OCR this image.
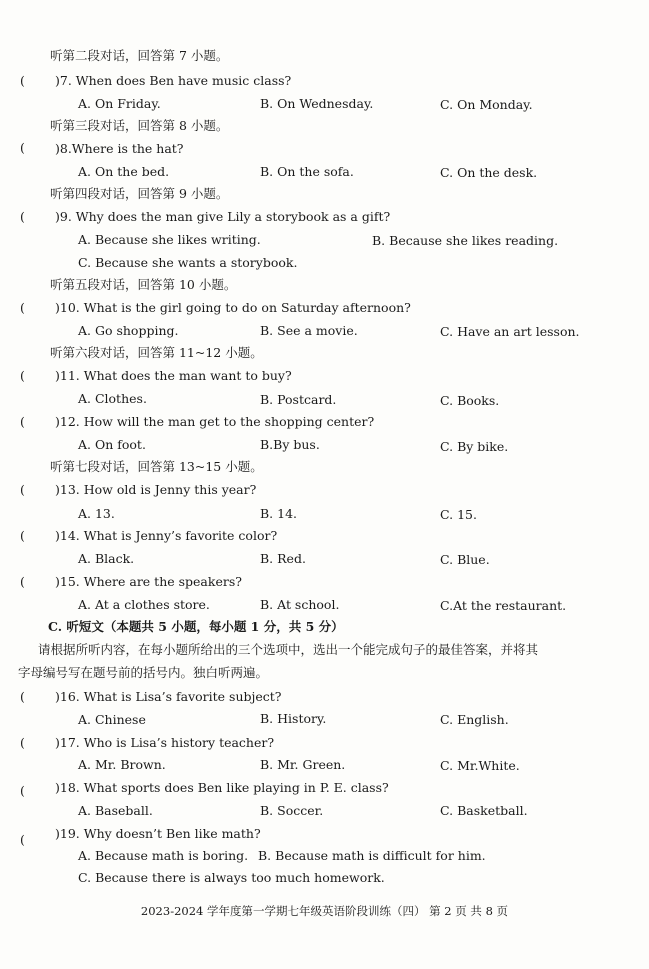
听第二段对话，回答第 7 小题。
( )7. When does Ben have music class?
A. On Friday.	B. On Wednesday.	C. On Monday.
听第三段对话，回答第 8 小题。
( )8.Where is the hat?
A. On the bed.	B. On the sofa.	C. On the desk.
听第四段对话，回答第 9 小题。
( )9. Why does the man give Lily a storybook as a gift?
A. Because she likes writing.	B. Because she likes reading.
C. Because she wants a storybook.
听第五段对话，回答第 10 小题。
( )10. What is the girl going to do on Saturday afternoon?
A. Go shopping.	B. See a movie.	C. Have an art lesson.
听第六段对话，回答第 11~12 小题。
( )11. What does the man want to buy?
A. Clothes.	B. Postcard.	C. Books.
( )12. How will the man get to the shopping center?
A. On foot.	B.By bus.	C. By bike.
听第七段对话，回答第 13~15 小题。
( )13. How old is Jenny this year?
A. 13.	B. 14.	C. 15.
( )14. What is Jenny’s favorite color?
A. Black.	B. Red.	C. Blue.
( )15. Where are the speakers?
A. At a clothes store.	B. At school.	C.At the restaurant.
C. 听短文（本题共 5 小题，每小题 1 分，共 5 分）
请根据所听内容，在每小题所给出的三个选项中，选出一个能完成句子的最佳答案，并将其
字母编号写在题号前的括号内。独白听两遍。
( )16. What is Lisa’s favorite subject?
A. Chinese	B. History.	C. English.
( )17. Who is Lisa’s history teacher?
A. Mr. Brown.	B. Mr. Green.	C. Mr.White.
( )18. What sports does Ben like playing in P. E. class?
A. Baseball.	B. Soccer.	C. Basketball.
( )19. Why doesn’t Ben like math?
A. Because math is boring. B. Because math is difficult for him.
C. Because there is always too much homework.
2023-2024 学年度第一学期七年级英语阶段训练（四） 第 2 页 共 8 页
